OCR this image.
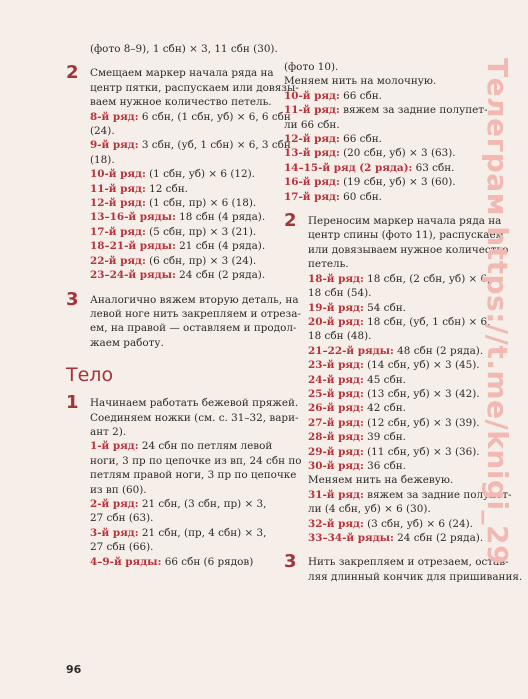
(фото 8–9), 1 сбн) × 3, 11 сбн (30).
2 Смещаем маркер начала ряда на
центр пятки, распускаем или довязы-
ваем нужное количество петель.
8-й ряд: 6 сбн, (1 сбн, уб) × 6, 6 сбн
(24).
9-й ряд: 3 сбн, (уб, 1 сбн) × 6, 3 сбн
(18).
10-й ряд: (1 сбн, уб) × 6 (12).
11-й ряд: 12 сбн.
12-й ряд: (1 сбн, пр) × 6 (18).
13–16-й ряды: 18 сбн (4 ряда).
17-й ряд: (5 сбн, пр) × 3 (21).
18–21-й ряды: 21 сбн (4 ряда).
22-й ряд: (6 сбн, пр) × 3 (24).
23–24-й ряды: 24 сбн (2 ряда).
3 Аналогично вяжем вторую деталь, на
левой ноге нить закрепляем и отреза-
ем, на правой — оставляем и продол-
жаем работу.
Тело
1 Начинаем работать бежевой пряжей.
Соединяем ножки (см. с. 31–32, вари-
ант 2).
1-й ряд: 24 сбн по петлям левой
ноги, 3 пр по цепочке из вп, 24 сбн по
петлям правой ноги, 3 пр по цепочке
из вп (60).
2-й ряд: 21 сбн, (3 сбн, пр) × 3,
27 сбн (63).
3-й ряд: 21 сбн, (пр, 4 сбн) × 3,
27 сбн (66).
4–9-й ряды: 66 сбн (6 рядов)
(фото 10).
Меняем нить на молочную.
10-й ряд: 66 сбн.
11-й ряд: вяжем за задние полупет-
ли 66 сбн.
12-й ряд: 66 сбн.
13-й ряд: (20 сбн, уб) × 3 (63).
14–15-й ряд (2 ряда): 63 сбн.
16-й ряд: (19 сбн, уб) × 3 (60).
17-й ряд: 60 сбн.
2 Переносим маркер начала ряда на
центр спины (фото 11), распускаем
или довязываем нужное количество
петель.
18-й ряд: 18 сбн, (2 сбн, уб) × 6,
18 сбн (54).
19-й ряд: 54 сбн.
20-й ряд: 18 сбн, (уб, 1 сбн) × 6,
18 сбн (48).
21–22-й ряды: 48 сбн (2 ряда).
23-й ряд: (14 сбн, уб) × 3 (45).
24-й ряд: 45 сбн.
25-й ряд: (13 сбн, уб) × 3 (42).
26-й ряд: 42 сбн.
27-й ряд: (12 сбн, уб) × 3 (39).
28-й ряд: 39 сбн.
29-й ряд: (11 сбн, уб) × 3 (36).
30-й ряд: 36 сбн.
Меняем нить на бежевую.
31-й ряд: вяжем за задние полупет-
ли (4 сбн, уб) × 6 (30).
32-й ряд: (3 сбн, уб) × 6 (24).
33–34-й ряды: 24 сбн (2 ряда).
3 Нить закрепляем и отрезаем, остав-
ляя длинный кончик для пришивания.
Телеграм https://t.me/knigi_29
96
